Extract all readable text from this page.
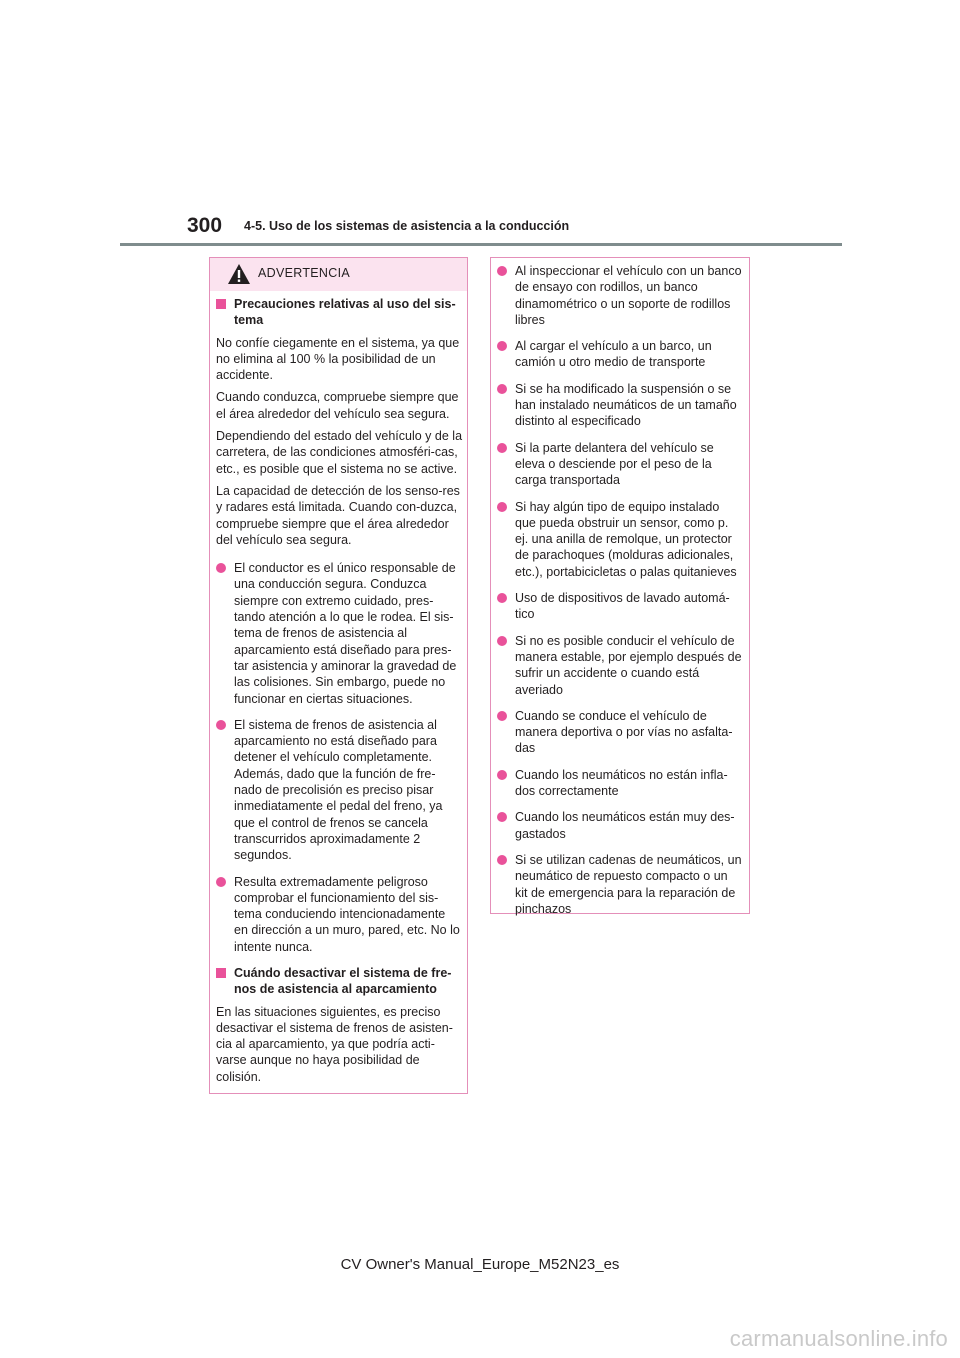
300 4-5. Uso de los sistemas de asistencia a la conducción
ADVERTENCIA
Precauciones relativas al uso del sis-tema

No confíe ciegamente en el sistema, ya que no elimina al 100 % la posibilidad de un accidente.

Cuando conduzca, compruebe siempre que el área alrededor del vehículo sea segura.

Dependiendo del estado del vehículo y de la carretera, de las condiciones atmosféri-cas, etc., es posible que el sistema no se active.

La capacidad de detección de los senso-res y radares está limitada. Cuando con-duzca, compruebe siempre que el área alrededor del vehículo sea segura.

El conductor es el único responsable de una conducción segura. Conduzca siempre con extremo cuidado, pres-tando atención a lo que le rodea. El sis-tema de frenos de asistencia al aparcamiento está diseñado para pres-tar asistencia y aminorar la gravedad de las colisiones. Sin embargo, puede no funcionar en ciertas situaciones.
El sistema de frenos de asistencia al aparcamiento no está diseñado para detener el vehículo completamente. Además, dado que la función de fre-nado de precolisión es preciso pisar inmediatamente el pedal del freno, ya que el control de frenos se cancela transcurridos aproximadamente 2 segundos.
Resulta extremadamente peligroso comprobar el funcionamiento del sis-tema conduciendo intencionadamente en dirección a un muro, pared, etc. No lo intente nunca.
Cuándo desactivar el sistema de fre-nos de asistencia al aparcamiento

En las situaciones siguientes, es preciso desactivar el sistema de frenos de asisten-cia al aparcamiento, ya que podría acti-varse aunque no haya posibilidad de colisión.

Al inspeccionar el vehículo con un banco de ensayo con rodillos, un banco dinamométrico o un soporte de rodillos libres
Al cargar el vehículo a un barco, un camión u otro medio de transporte
Si se ha modificado la suspensión o se han instalado neumáticos de un tamaño distinto al especificado
Si la parte delantera del vehículo se eleva o desciende por el peso de la carga transportada
Si hay algún tipo de equipo instalado que pueda obstruir un sensor, como p. ej. una anilla de remolque, un protector de parachoques (molduras adicionales, etc.), portabicicletas o palas quitanieves
Uso de dispositivos de lavado automá-tico
Si no es posible conducir el vehículo de manera estable, por ejemplo después de sufrir un accidente o cuando está averiado
Cuando se conduce el vehículo de manera deportiva o por vías no asfalta-das
Cuando los neumáticos no están infla-dos correctamente
Cuando los neumáticos están muy des-gastados
Si se utilizan cadenas de neumáticos, un neumático de repuesto compacto o un kit de emergencia para la reparación de pinchazos
CV Owner's Manual_Europe_M52N23_es
carmanualsonline.info
